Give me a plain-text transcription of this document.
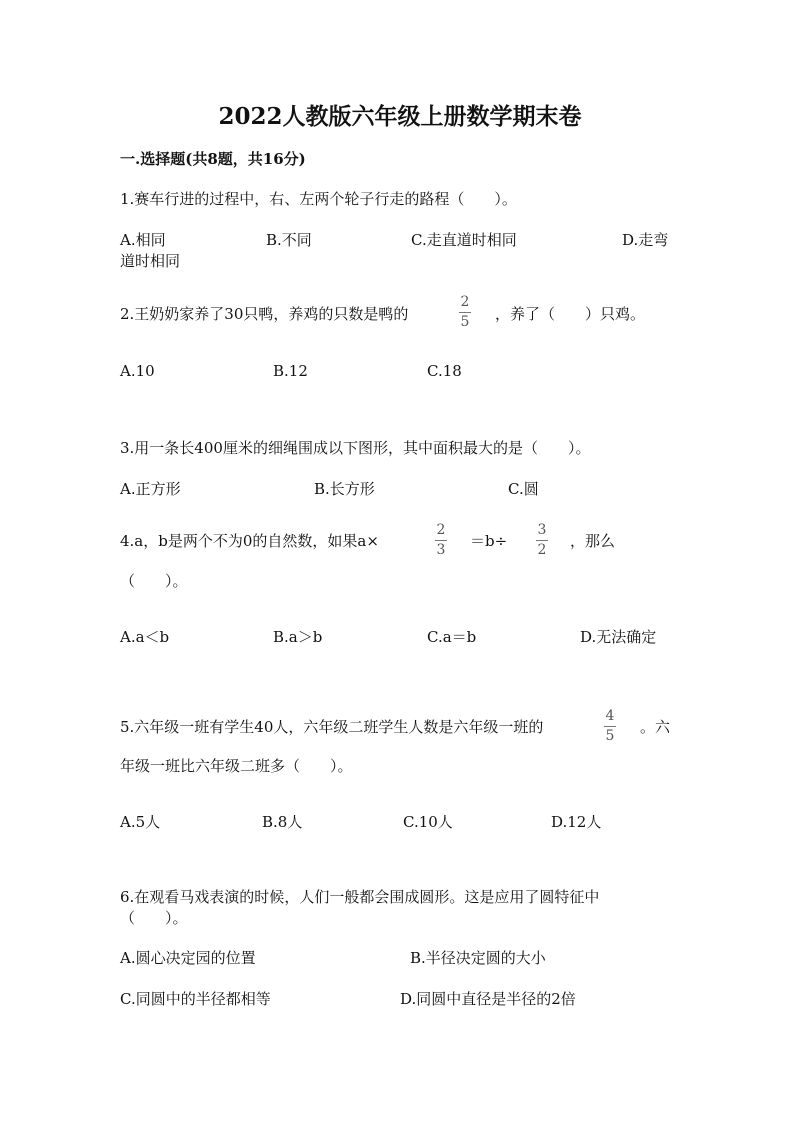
2022人教版六年级上册数学期末卷
一.选择题(共8题，共16分)
1.赛车行进的过程中，右、左两个轮子行走的路程（　　）。
A.相同	B.不同	C.走直道时相同	D.走弯
道时相同
2.王奶奶家养了30只鸭，养鸡的只数是鸭的
2
5 ，养了（　　）只鸡。
A.10	B.12	C.18
3.用一条长400厘米的细绳围成以下图形，其中面积最大的是（　　）。
A.正方形	B.长方形	C.圆
4.a，b是两个不为0的自然数，如果a×
2
3 ＝b÷
3
2 ，那么
（　　）。
A.a＜b	B.a＞b	C.a＝b	D.无法确定
5.六年级一班有学生40人，六年级二班学生人数是六年级一班的
4
5 。六
年级一班比六年级二班多（　　）。
A.5人	B.8人	C.10人	D.12人
6.在观看马戏表演的时候，人们一般都会围成圆形。这是应用了圆特征中
（　　）。
A.圆心决定园的位置	B.半径决定圆的大小
C.同圆中的半径都相等	D.同圆中直径是半径的2倍
